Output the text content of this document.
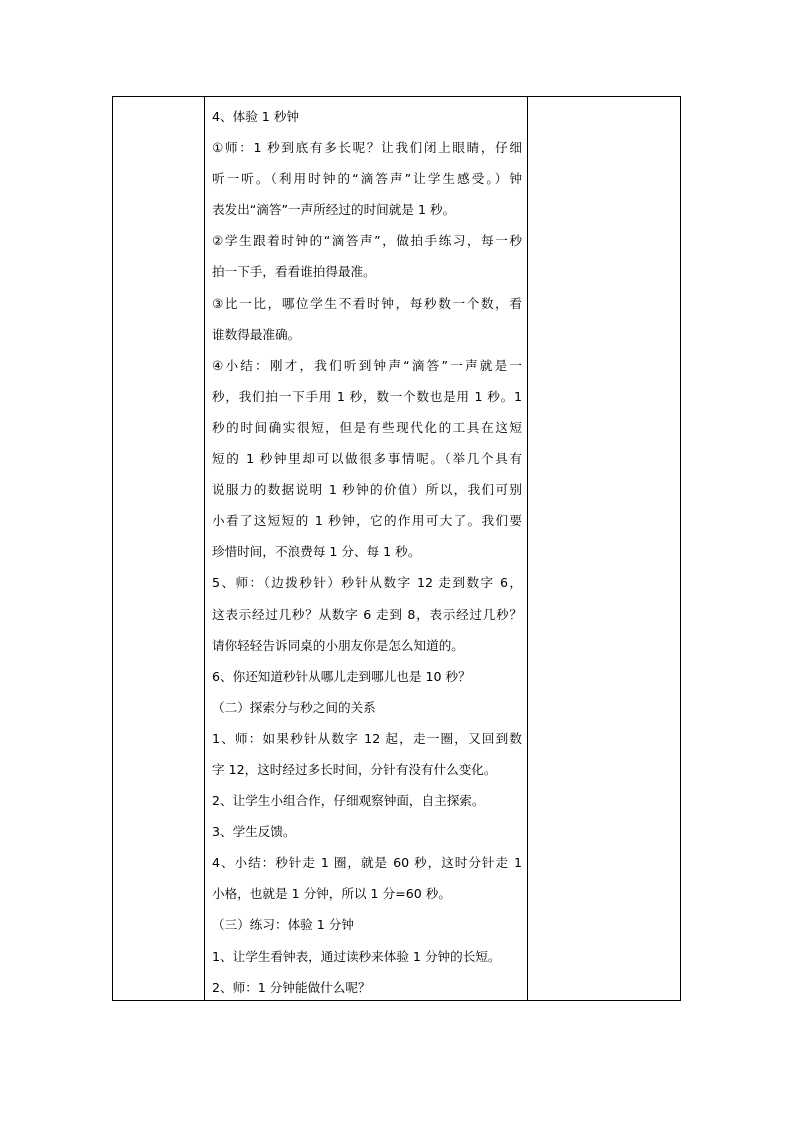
4、体验 1 秒钟
①师：1 秒到底有多长呢？让我们闭上眼睛，仔细
听一听。（利用时钟的“滴答声”让学生感受。）钟
表发出“滴答”一声所经过的时间就是 1 秒。
②学生跟着时钟的“滴答声”，做拍手练习，每一秒
拍一下手，看看谁拍得最准。
③比一比，哪位学生不看时钟，每秒数一个数，看
谁数得最准确。
④小结：刚才，我们听到钟声“滴答”一声就是一
秒，我们拍一下手用 1 秒，数一个数也是用 1 秒。1
秒的时间确实很短，但是有些现代化的工具在这短
短的 1 秒钟里却可以做很多事情呢。（举几个具有
说服力的数据说明 1 秒钟的价值）所以，我们可别
小看了这短短的 1 秒钟，它的作用可大了。我们要
珍惜时间，不浪费每 1 分、每 1 秒。
5、师：（边拨秒针）秒针从数字 12 走到数字 6，
这表示经过几秒？从数字 6 走到 8，表示经过几秒？
请你轻轻告诉同桌的小朋友你是怎么知道的。
6、你还知道秒针从哪儿走到哪儿也是 10 秒？
（二）探索分与秒之间的关系
1、师：如果秒针从数字 12 起，走一圈，又回到数
字 12，这时经过多长时间，分针有没有什么变化。
2、让学生小组合作，仔细观察钟面，自主探索。
3、学生反馈。
4、小结：秒针走 1 圈，就是 60 秒，这时分针走 1
小格，也就是 1 分钟，所以 1 分=60 秒。
（三）练习：体验 1 分钟
1、让学生看钟表，通过读秒来体验 1 分钟的长短。
2、师：1 分钟能做什么呢？
